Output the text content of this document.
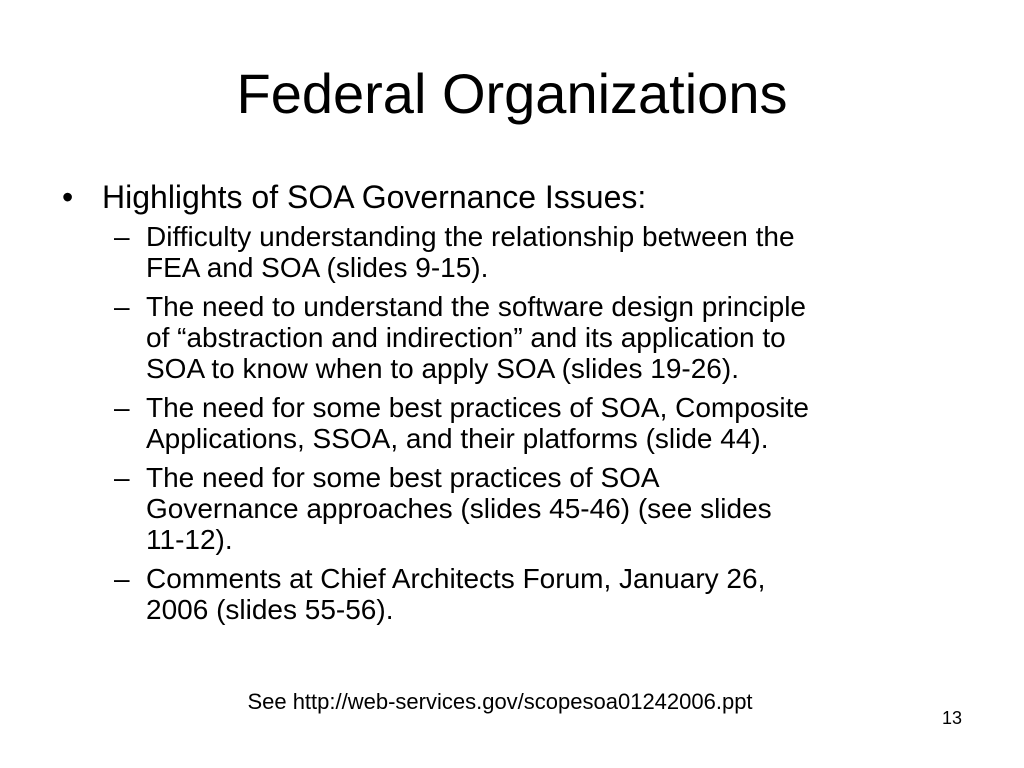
Federal Organizations
• Highlights of SOA Governance Issues:
– Difficulty understanding the relationship between the
FEA and SOA (slides 9-15).
– The need to understand the software design principle
of “abstraction and indirection” and its application to
SOA to know when to apply SOA (slides 19-26).
– The need for some best practices of SOA, Composite
Applications, SSOA, and their platforms (slide 44).
– The need for some best practices of SOA
Governance approaches (slides 45-46) (see slides
11-12).
– Comments at Chief Architects Forum, January 26,
2006 (slides 55-56).
See http://web-services.gov/scopesoa01242006.ppt
13
